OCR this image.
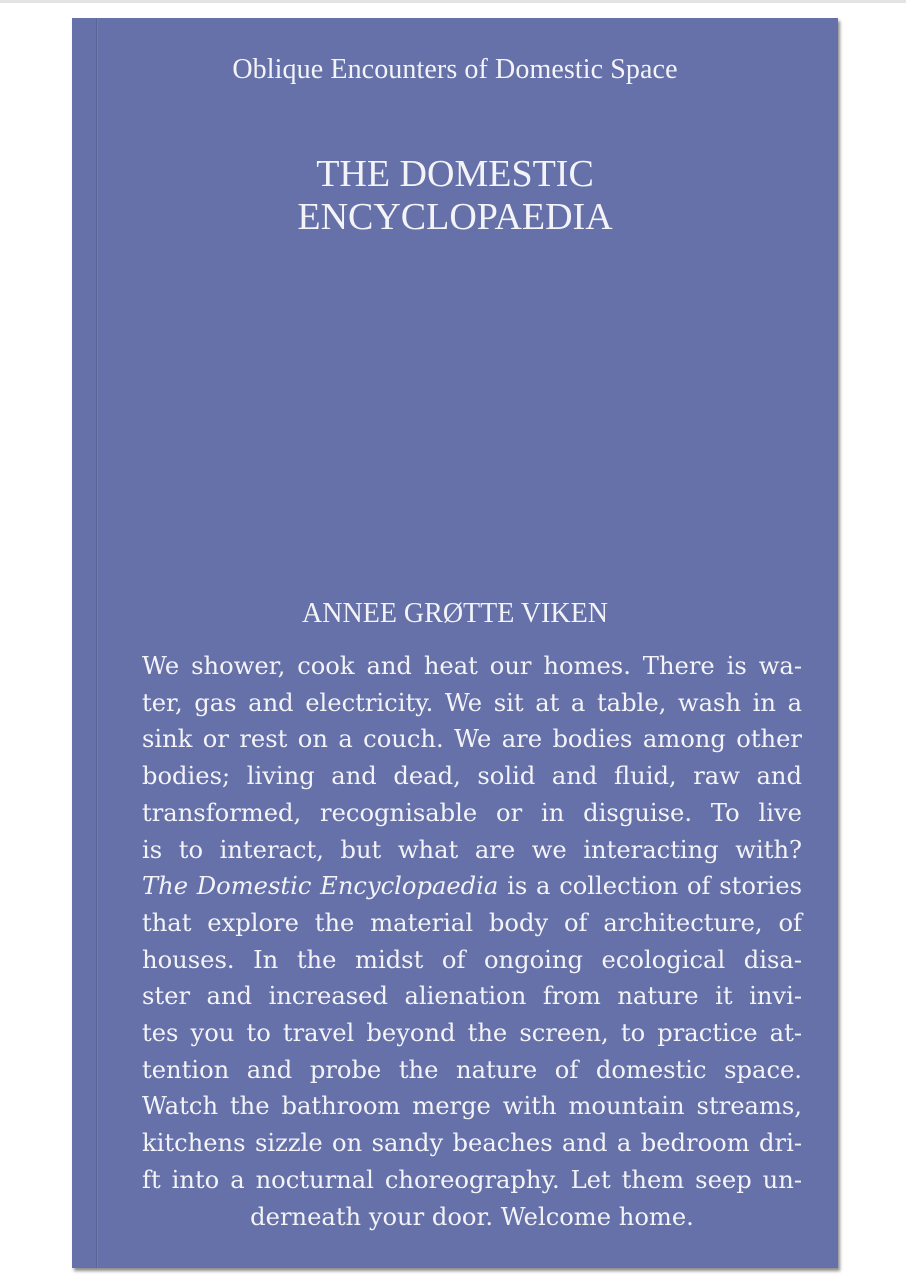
Oblique Encounters of Domestic Space
THE DOMESTIC
ENCYCLOPAEDIA
ANNEE GRØTTE VIKEN
We shower, cook and heat our homes. There is wa-
ter, gas and electricity. We sit at a table, wash in a
sink or rest on a couch. We are bodies among other
bodies; living and dead, solid and fluid, raw and
transformed, recognisable or in disguise. To live
is to interact, but what are we interacting with?
The Domestic Encyclopaedia is a collection of stories
that explore the material body of architecture, of
houses. In the midst of ongoing ecological disa-
ster and increased alienation from nature it invi-
tes you to travel beyond the screen, to practice at-
tention and probe the nature of domestic space.
Watch the bathroom merge with mountain streams,
kitchens sizzle on sandy beaches and a bedroom dri-
ft into a nocturnal choreography. Let them seep un-
derneath your door. Welcome home.
